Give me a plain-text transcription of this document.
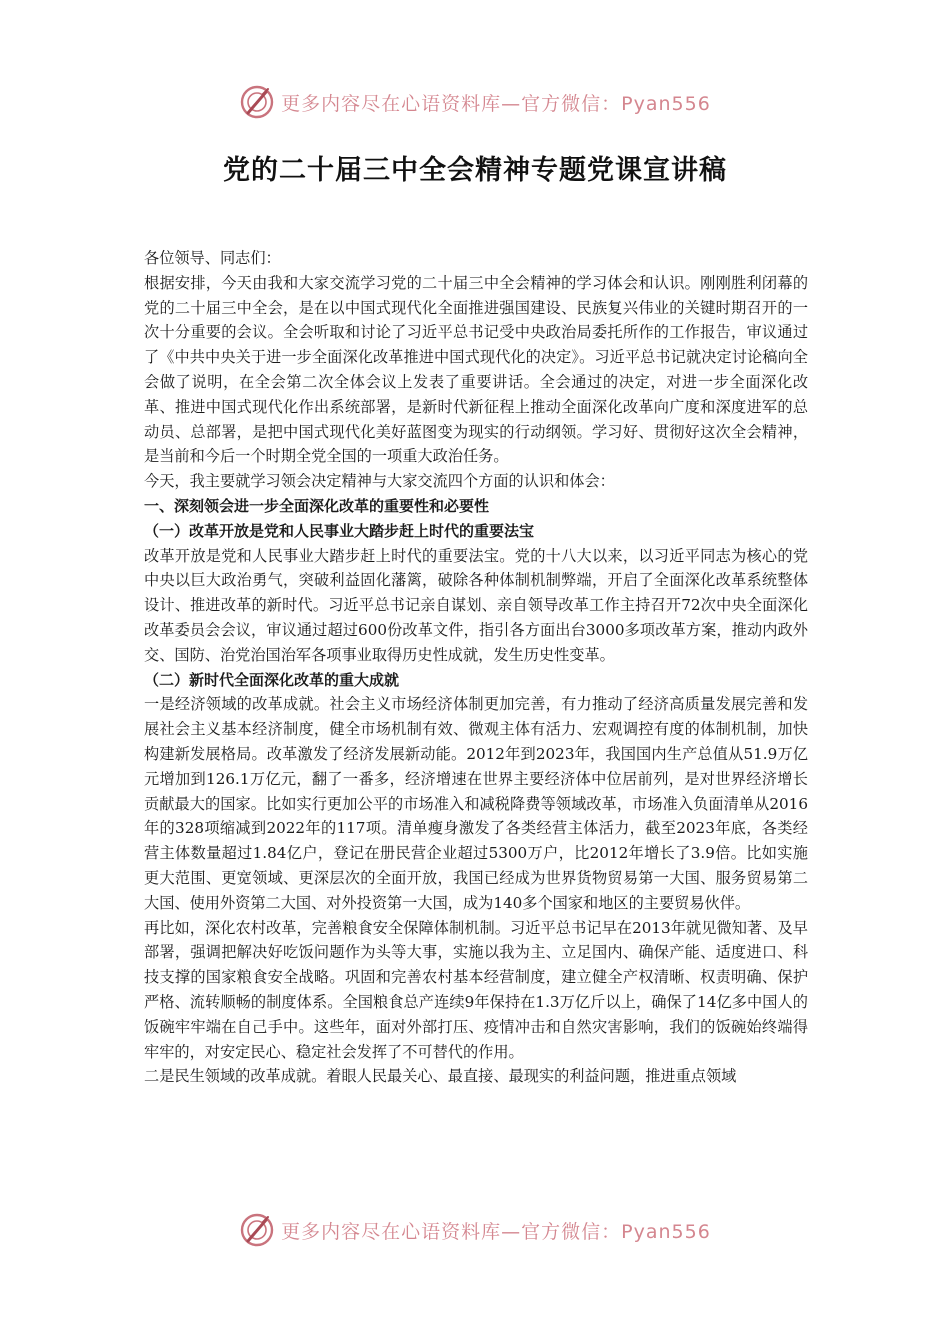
更多内容尽在心语资料库—官方微信：Pyan556
党的二十届三中全会精神专题党课宣讲稿

各位领导、同志们：

根据安排，今天由我和大家交流学习党的二十届三中全会精神的学习体会和认识。刚刚胜利闭幕的党的二十届三中全会，是在以中国式现代化全面推进强国建设、民族复兴伟业的关键时期召开的一次十分重要的会议。全会听取和讨论了习近平总书记受中央政治局委托所作的工作报告，审议通过了《中共中央关于进一步全面深化改革推进中国式现代化的决定》。习近平总书记就决定讨论稿向全会做了说明，在全会第二次全体会议上发表了重要讲话。全会通过的决定，对进一步全面深化改革、推进中国式现代化作出系统部署，是新时代新征程上推动全面深化改革向广度和深度进军的总动员、总部署，是把中国式现代化美好蓝图变为现实的行动纲领。学习好、贯彻好这次全会精神，是当前和今后一个时期全党全国的一项重大政治任务。

今天，我主要就学习领会决定精神与大家交流四个方面的认识和体会：

一、深刻领会进一步全面深化改革的重要性和必要性

（一）改革开放是党和人民事业大踏步赶上时代的重要法宝

改革开放是党和人民事业大踏步赶上时代的重要法宝。党的十八大以来，以习近平同志为核心的党中央以巨大政治勇气，突破利益固化藩篱，破除各种体制机制弊端，开启了全面深化改革系统整体设计、推进改革的新时代。习近平总书记亲自谋划、亲自领导改革工作主持召开72次中央全面深化改革委员会会议，审议通过超过600份改革文件，指引各方面出台3000多项改革方案，推动内政外交、国防、治党治国治军各项事业取得历史性成就，发生历史性变革。

（二）新时代全面深化改革的重大成就

一是经济领域的改革成就。社会主义市场经济体制更加完善，有力推动了经济高质量发展完善和发展社会主义基本经济制度，健全市场机制有效、微观主体有活力、宏观调控有度的体制机制，加快构建新发展格局。改革激发了经济发展新动能。2012年到2023年，我国国内生产总值从51.9万亿元增加到126.1万亿元，翻了一番多，经济增速在世界主要经济体中位居前列，是对世界经济增长贡献最大的国家。比如实行更加公平的市场准入和减税降费等领域改革，市场准入负面清单从2016年的328项缩减到2022年的117项。清单瘦身激发了各类经营主体活力，截至2023年底，各类经营主体数量超过1.84亿户，登记在册民营企业超过5300万户，比2012年增长了3.9倍。比如实施更大范围、更宽领域、更深层次的全面开放，我国已经成为世界货物贸易第一大国、服务贸易第二大国、使用外资第二大国、对外投资第一大国，成为140多个国家和地区的主要贸易伙伴。

再比如，深化农村改革，完善粮食安全保障体制机制。习近平总书记早在2013年就见微知著、及早部署，强调把解决好吃饭问题作为头等大事，实施以我为主、立足国内、确保产能、适度进口、科技支撑的国家粮食安全战略。巩固和完善农村基本经营制度，建立健全产权清晰、权责明确、保护严格、流转顺畅的制度体系。全国粮食总产连续9年保持在1.3万亿斤以上，确保了14亿多中国人的饭碗牢牢端在自己手中。这些年，面对外部打压、疫情冲击和自然灾害影响，我们的饭碗始终端得牢牢的，对安定民心、稳定社会发挥了不可替代的作用。

二是民生领域的改革成就。着眼人民最关心、最直接、最现实的利益问题，推进重点领域

更多内容尽在心语资料库—官方微信：Pyan556
